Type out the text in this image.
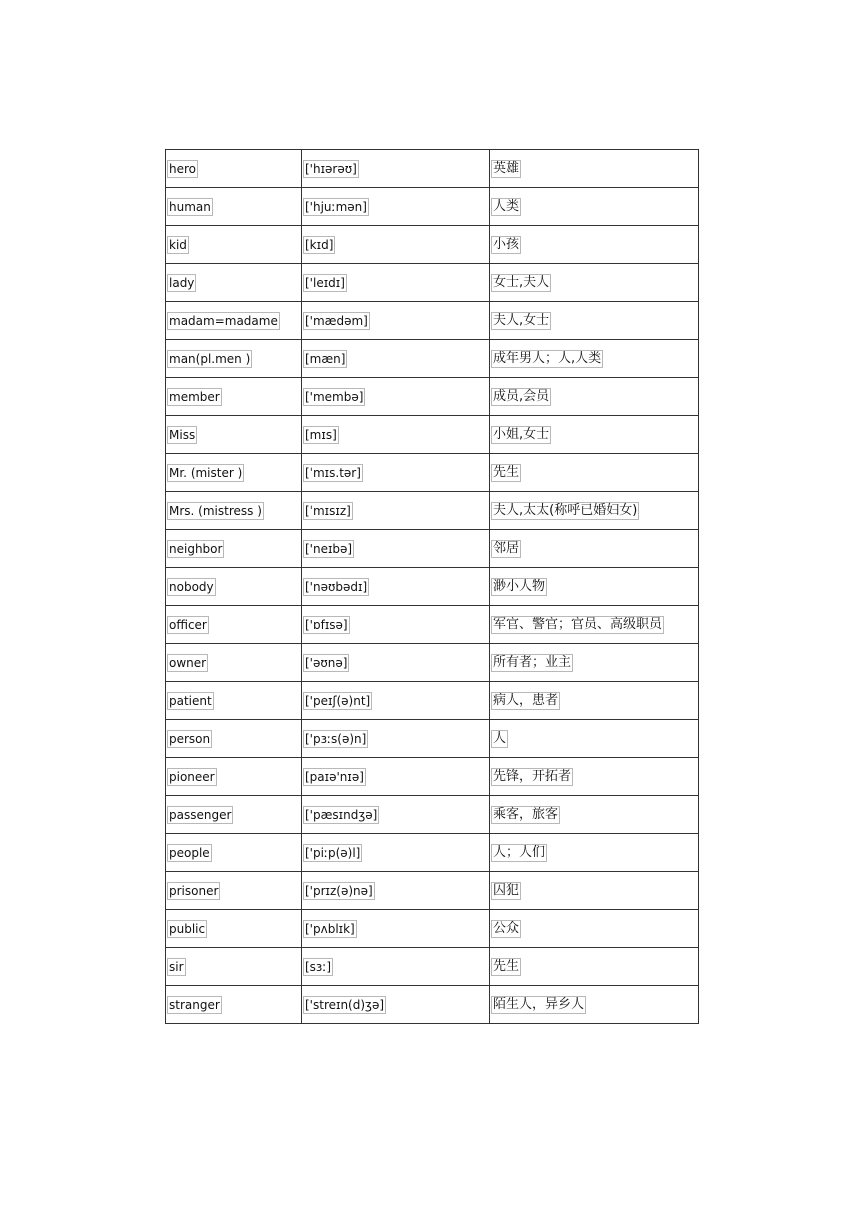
hero	['hɪərəʊ]	英雄
human	['hjuːmən]	人类
kid	[kɪd]	小孩
lady	['leɪdɪ]	女士,夫人
madam=madame	['mædəm]	夫人,女士
man(pl.men )	[mæn]	成年男人；人,人类
member	['membə]	成员,会员
Miss	[mɪs]	小姐,女士
Mr. (mister )	[ˈmɪs.tər]	先生
Mrs. (mistress )	[ˈmɪsɪz]	夫人,太太(称呼已婚妇女)
neighbor	['neɪbə]	邻居
nobody	['nəʊbədɪ]	渺小人物
officer	['ɒfɪsə]	军官、警官；官员、高级职员
owner	['əʊnə]	所有者；业主
patient	['peɪʃ(ə)nt]	病人，患者
person	['pɜːs(ə)n]	人
pioneer	[paɪə'nɪə]	先锋，开拓者
passenger	['pæsɪndʒə]	乘客，旅客
people	['piːp(ə)l]	人；人们
prisoner	['prɪz(ə)nə]	囚犯
public	['pʌblɪk]	公众
sir	[sɜː]	先生
stranger	['streɪn(d)ʒə]	陌生人，异乡人
